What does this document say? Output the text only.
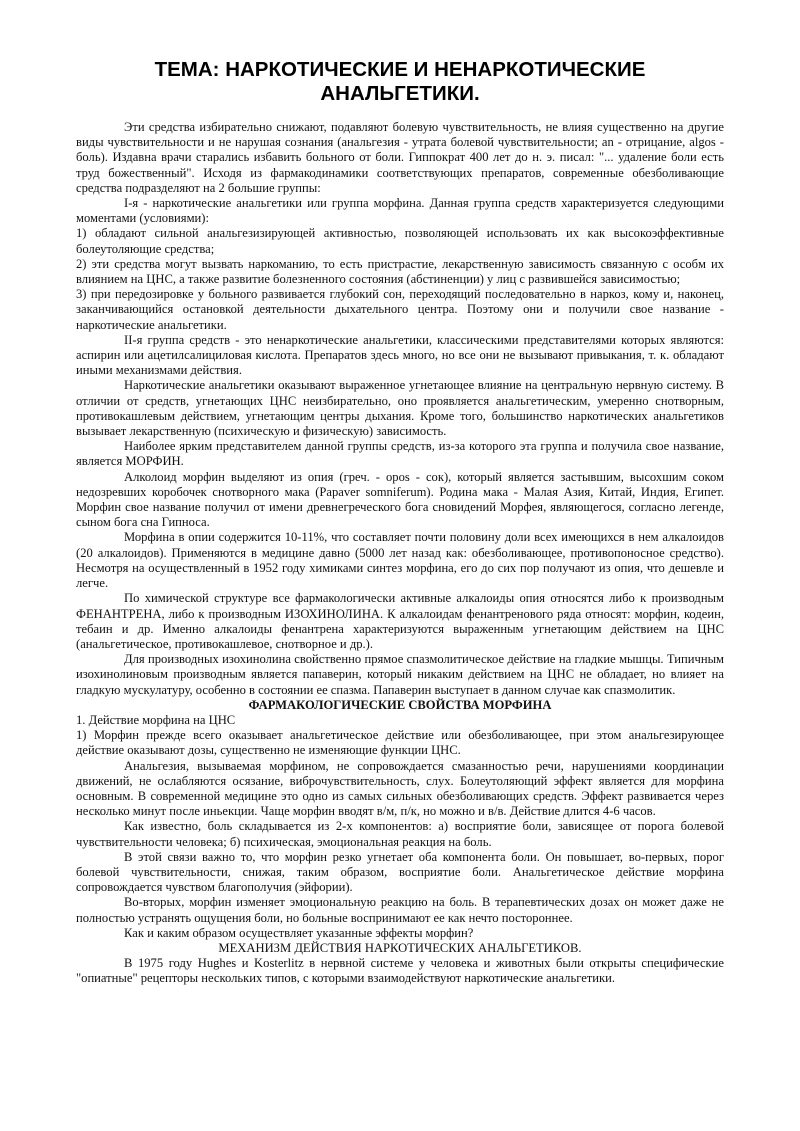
ТЕМА: НАРКОТИЧЕСКИЕ И НЕНАРКОТИЧЕСКИЕ АНАЛЬГЕТИКИ.

Эти средства избирательно снижают, подавляют болевую чувствительность, не влияя существенно на другие виды чувствительности и не нарушая сознания (анальгезия - утрата болевой чувствительности; an - отрицание, algos - боль). Издавна врачи старались избавить больного от боли. Гиппократ 400 лет до н. э. писал: "... удаление боли есть труд божественный". Исходя из фармакодинамики соответствующих препаратов, современные обезболивающие средства подразделяют на 2 большие группы:

I-я - наркотические анальгетики или группа морфина. Данная группа средств характеризуется следующими моментами (условиями):

1) обладают сильной анальгезизирующей активностью, позволяющей использовать их как высокоэффективные болеутоляющие средства;

2) эти средства могут вызвать наркоманию, то есть пристрастие, лекарственную зависимость связанную с особм их влиянием на ЦНС, а также развитие болезненного состояния (абстиненции) у лиц с развившейся зависимостью;

3) при передозировке у больного развивается глубокий сон, переходящий последовательно в наркоз, кому и, наконец, заканчивающийся остановкой деятельности дыхательного центра. Поэтому они и получили свое название - наркотические анальгетики.

II-я группа средств - это ненаркотические анальгетики, классическими представителями которых являются: аспирин или ацетилсалициловая кислота. Препаратов здесь много, но все они не вызывают привыкания, т. к. обладают иными механизмами действия.

Наркотические анальгетики оказывают выраженное угнетающее влияние на центральную нервную систему. В отличии от средств, угнетающих ЦНС неизбирательно, оно проявляется анальгетическим, умеренно снотворным, противокашлевым действием, угнетающим центры дыхания. Кроме того, большинство наркотических анальгетиков вызывает лекарственную (психическую и физическую) зависимость.

Наиболее ярким представителем данной группы средств, из-за которого эта группа и получила свое название, является МОРФИН.

Алколоид морфин выделяют из опия (греч. - opos - сок), который является застывшим, высохшим соком недозревших коробочек снотворного мака (Papaver somniferum). Родина мака - Малая Азия, Китай, Индия, Египет. Морфин свое название получил от имени древнегреческого бога сновидений Морфея, являющегося, согласно легенде, сыном бога сна Гипноса.

Морфина в опии содержится 10-11%, что составляет почти половину доли всех имеющихся в нем алкалоидов (20 алкалоидов). Применяются в медицине давно (5000 лет назад как: обезболивающее, противопоносное средство). Несмотря на осуществленный в 1952 году химиками синтез морфина, его до сих пор получают из опия, что дешевле и легче.

По химической структуре все фармакологически активные алкалоиды опия относятся либо к производным ФЕНАНТРЕНА, либо к производным ИЗОХИНОЛИНА. К алкалоидам фенантренового ряда относят: морфин, кодеин, тебаин и др. Именно алкалоиды фенантрена характеризуются выраженным угнетающим действием на ЦНС (анальгетическое, противокашлевое, снотворное и др.).

Для производных изохинолина свойственно прямое спазмолитическое действие на гладкие мышцы. Типичным изохинолиновым производным является папаверин, который никаким действием на ЦНС не обладает, но влияет на гладкую мускулатуру, особенно в состоянии ее спазма. Папаверин выступает в данном случае как спазмолитик.

ФАРМАКОЛОГИЧЕСКИЕ СВОЙСТВА МОРФИНА

1. Действие морфина на ЦНС

1) Морфин прежде всего оказывает анальгетическое действие или обезболивающее, при этом анальгезирующее действие оказывают дозы, существенно не изменяющие функции ЦНС.

Анальгезия, вызываемая морфином, не сопровождается смазанностью речи, нарушениями координации движений, не ослабляются осязание, виброчувствительность, слух. Болеутоляющий эффект является для морфина основным. В современной медицине это одно из самых сильных обезболивающих средств. Эффект развивается через несколько минут после иньекции. Чаще морфин вводят в/м, п/к, но можно и в/в. Действие длится 4-6 часов.

Как известно, боль складывается из 2-х компонентов: а) восприятие боли, зависящее от порога болевой чувствительности человека; б) психическая, эмоциональная реакция на боль.

В этой связи важно то, что морфин резко угнетает оба компонента боли. Он повышает, во-первых, порог болевой чувствительности, снижая, таким образом, восприятие боли. Анальгетическое действие морфина сопровождается чувством благополучия (эйфории).

Во-вторых, морфин изменяет эмоциональную реакцию на боль. В терапевтических дозах он может даже не полностью устранять ощущения боли, но больные воспринимают ее как нечто постороннее.

Как и каким образом осуществляет указанные эффекты морфин?

МЕХАНИЗМ ДЕЙСТВИЯ НАРКОТИЧЕСКИХ АНАЛЬГЕТИКОВ.

В 1975 году Hughes и Kosterlitz в нервной системе у человека и животных были открыты специфические "опиатные" рецепторы нескольких типов, с которыми взаимодействуют наркотические анальгетики.
